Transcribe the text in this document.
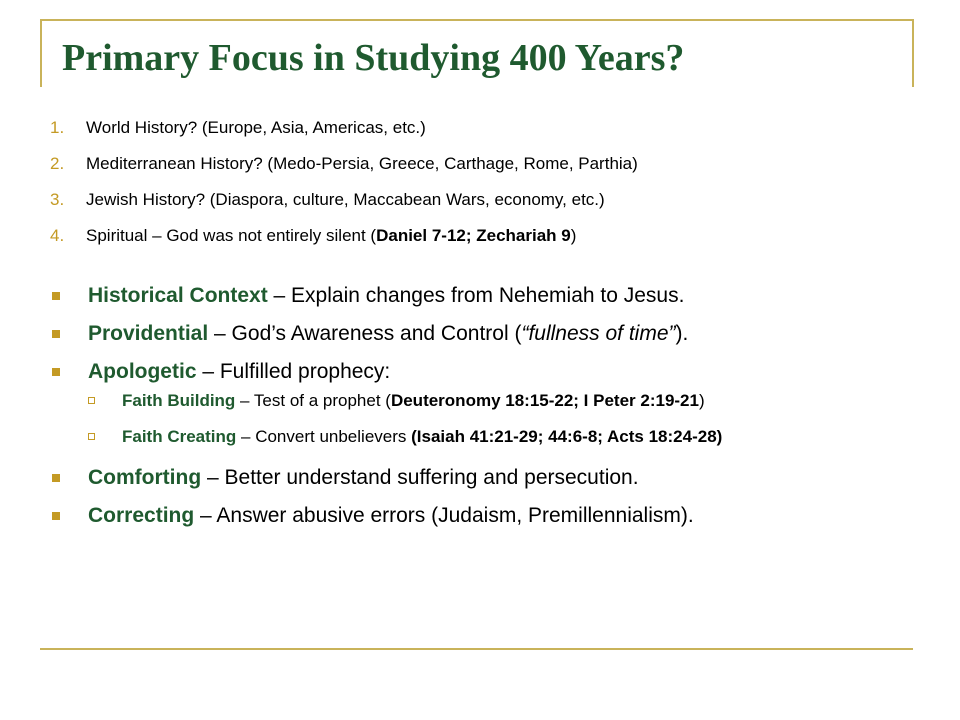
Primary Focus in Studying 400 Years?
1. World History? (Europe, Asia, Americas, etc.)
2. Mediterranean History? (Medo-Persia, Greece, Carthage, Rome, Parthia)
3. Jewish History? (Diaspora, culture, Maccabean Wars, economy, etc.)
4. Spiritual – God was not entirely silent (Daniel 7-12; Zechariah 9)
Historical Context – Explain changes from Nehemiah to Jesus.
Providential – God’s Awareness and Control (“fullness of time”).
Apologetic – Fulfilled prophecy:
Faith Building – Test of a prophet (Deuteronomy 18:15-22; I Peter 2:19-21)
Faith Creating – Convert unbelievers (Isaiah 41:21-29; 44:6-8; Acts 18:24-28)
Comforting – Better understand suffering and persecution.
Correcting – Answer abusive errors (Judaism, Premillennialism).
